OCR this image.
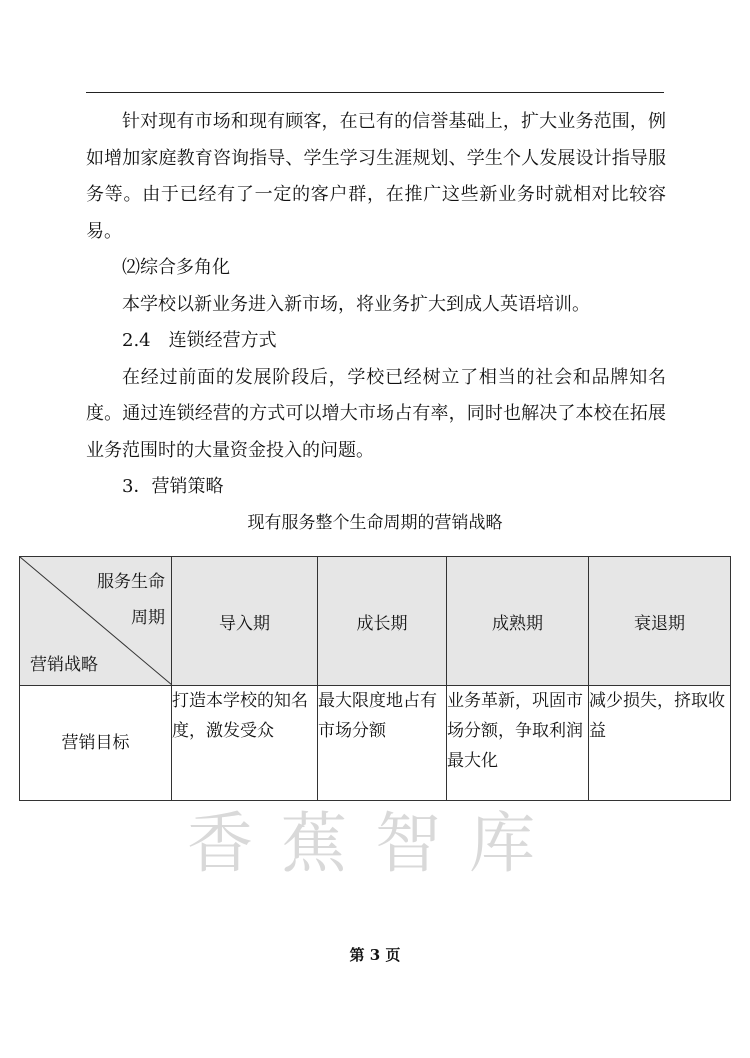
针对现有市场和现有顾客，在已有的信誉基础上，扩大业务范围，例如增加家庭教育咨询指导、学生学习生涯规划、学生个人发展设计指导服务等。由于已经有了一定的客户群，在推广这些新业务时就相对比较容易。

⑵综合多角化

本学校以新业务进入新市场，将业务扩大到成人英语培训。

2.4　连锁经营方式

在经过前面的发展阶段后，学校已经树立了相当的社会和品牌知名度。通过连锁经营的方式可以增大市场占有率，同时也解决了本校在拓展业务范围时的大量资金投入的问题。

3．营销策略

现有服务整个生命周期的营销战略
服务生命
周期
营销战略	导入期	成长期	成熟期	衰退期
营销目标	打造本学校的知名度，激发受众	最大限度地占有市场分额	业务革新，巩固市场分额，争取利润最大化	减少损失，挤取收益
香蕉智库
第 3 页
